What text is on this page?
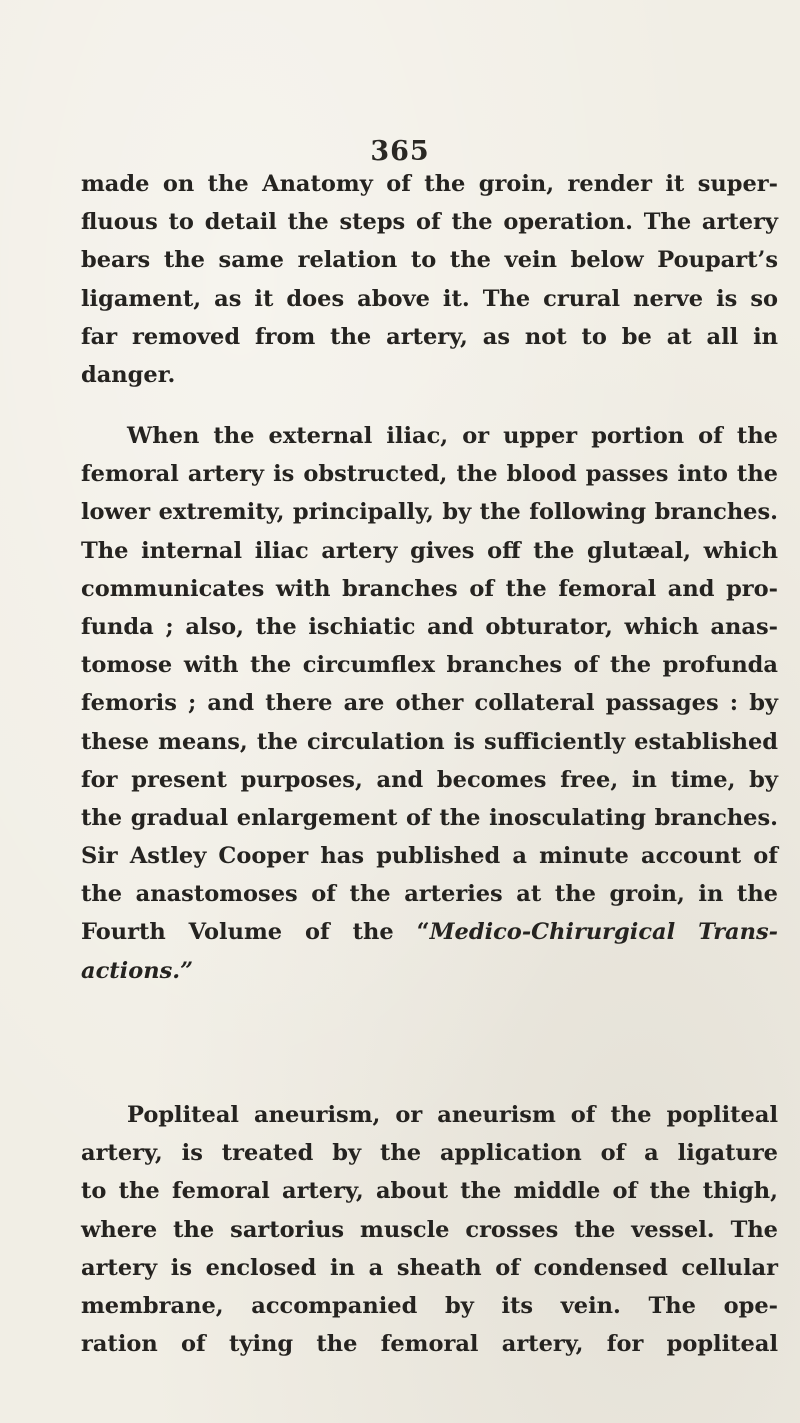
365
made on the Anatomy of the groin, render it super-
fluous to detail the steps of the operation. The artery
bears the same relation to the vein below Poupart’s
ligament, as it does above it. The crural nerve is so
far removed from the artery, as not to be at all in
danger.
When the external iliac, or upper portion of the
femoral artery is obstructed, the blood passes into the
lower extremity, principally, by the following branches.
The internal iliac artery gives off the glutæal, which
communicates with branches of the femoral and pro-
funda ; also, the ischiatic and obturator, which anas-
tomose with the circumflex branches of the profunda
femoris ; and there are other collateral passages : by
these means, the circulation is sufficiently established
for present purposes, and becomes free, in time, by
the gradual enlargement of the inosculating branches.
Sir Astley Cooper has published a minute account of
the anastomoses of the arteries at the groin, in the
Fourth Volume of the “Medico-Chirurgical Trans-
actions.”
Popliteal aneurism, or aneurism of the popliteal
artery, is treated by the application of a ligature
to the femoral artery, about the middle of the thigh,
where the sartorius muscle crosses the vessel. The
artery is enclosed in a sheath of condensed cellular
membrane, accompanied by its vein. The ope-
ration of tying the femoral artery, for popliteal
